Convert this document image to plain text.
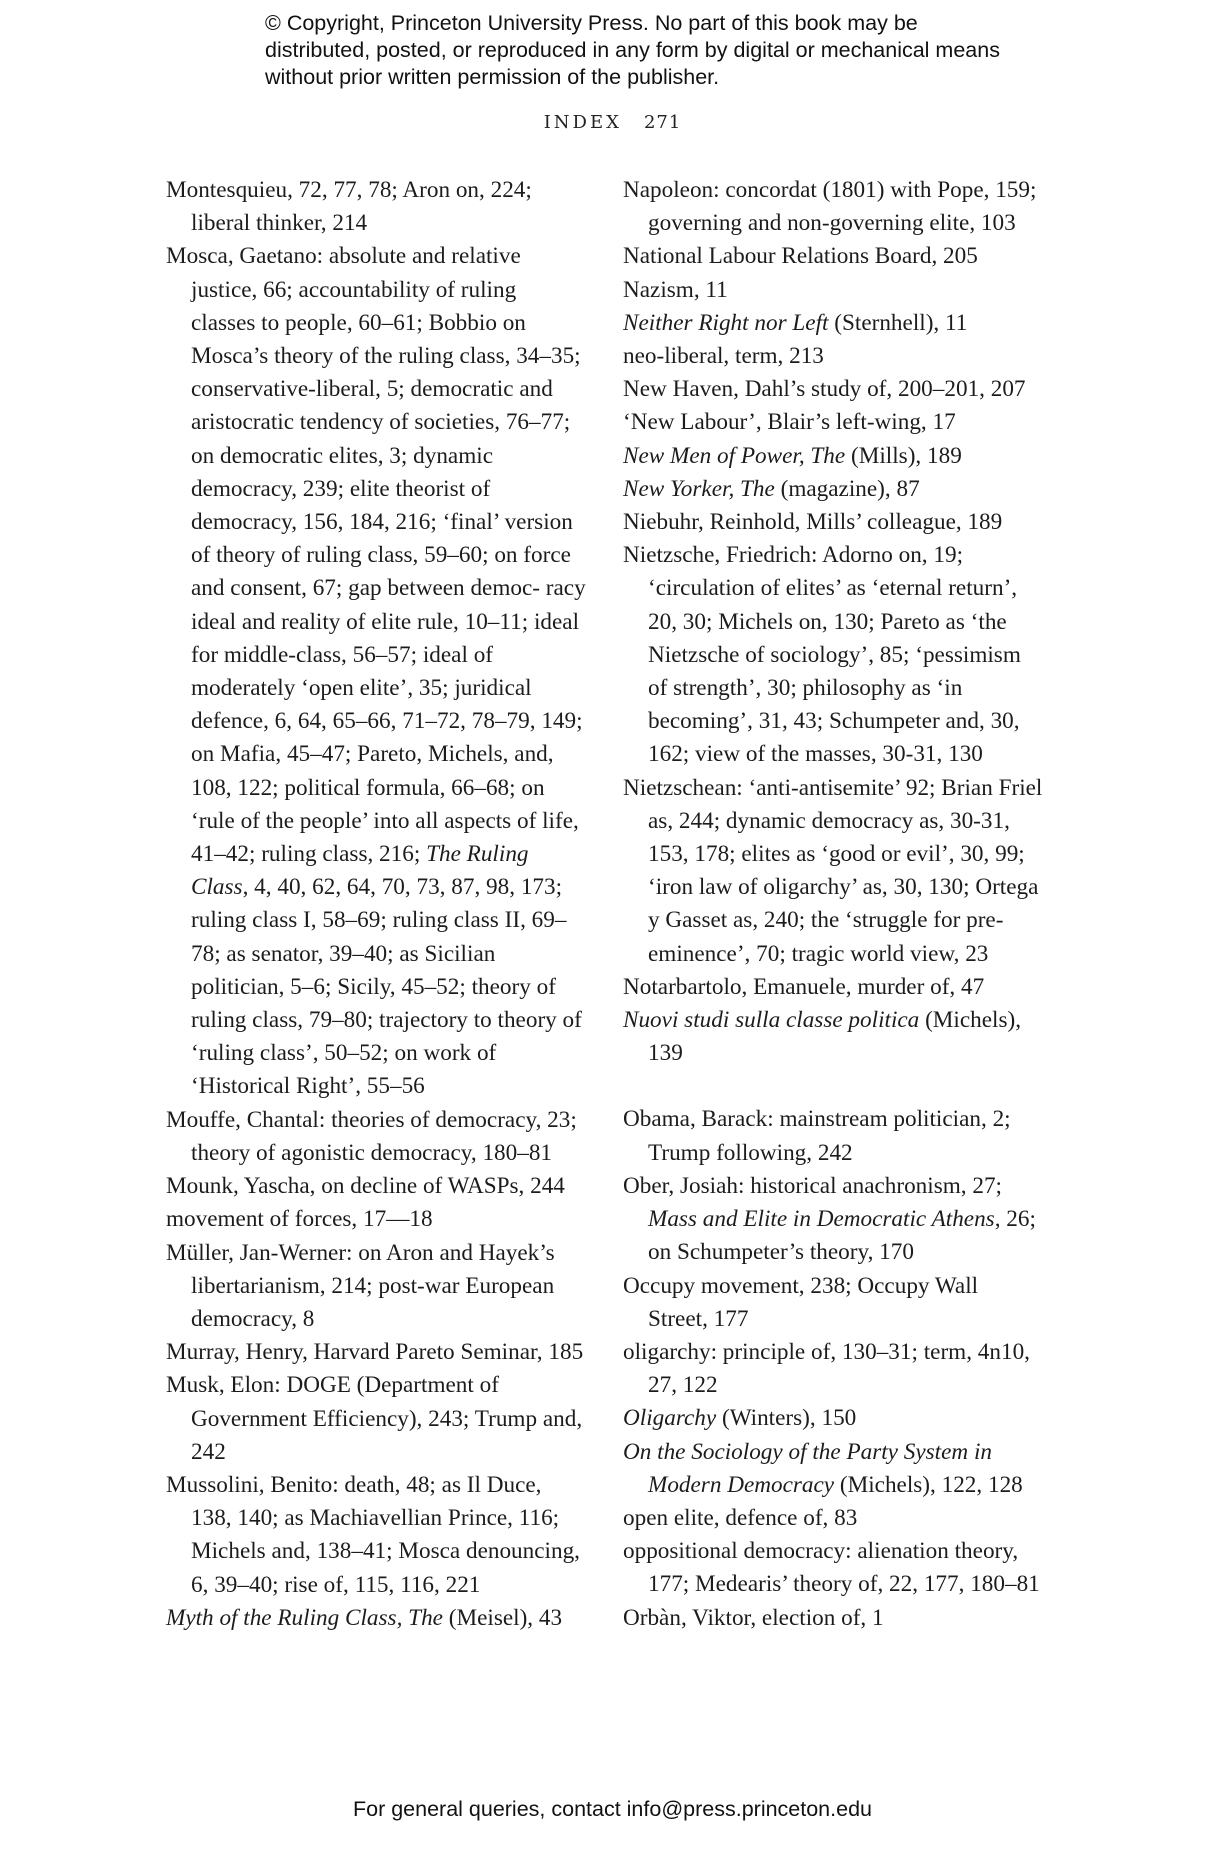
© Copyright, Princeton University Press. No part of this book may be distributed, posted, or reproduced in any form by digital or mechanical means without prior written permission of the publisher.
INDEX 271
Montesquieu, 72, 77, 78; Aron on, 224; liberal thinker, 214
Mosca, Gaetano: absolute and relative justice, 66; accountability of ruling classes to people, 60–61; Bobbio on Mosca’s theory of the ruling class, 34–35; conservative-liberal, 5; democratic and aristocratic tendency of societies, 76–77; on democratic elites, 3; dynamic democracy, 239; elite theorist of democracy, 156, 184, 216; ‘final’ version of theory of ruling class, 59–60; on force and consent, 67; gap between democ- racy ideal and reality of elite rule, 10–11; ideal for middle-class, 56–57; ideal of moderately ‘open elite’, 35; juridical defence, 6, 64, 65–66, 71–72, 78–79, 149; on Mafia, 45–47; Pareto, Michels, and, 108, 122; political formula, 66–68; on ‘rule of the people’ into all aspects of life, 41–42; ruling class, 216; The Ruling Class, 4, 40, 62, 64, 70, 73, 87, 98, 173; ruling class I, 58–69; ruling class II, 69–78; as senator, 39–40; as Sicilian politician, 5–6; Sicily, 45–52; theory of ruling class, 79–80; trajectory to theory of ‘ruling class’, 50–52; on work of ‘Historical Right’, 55–56
Mouffe, Chantal: theories of democracy, 23; theory of agonistic democracy, 180–81
Mounk, Yascha, on decline of WASPs, 244
movement of forces, 17—18
Müller, Jan-Werner: on Aron and Hayek’s libertarianism, 214; post-war European democracy, 8
Murray, Henry, Harvard Pareto Seminar, 185
Musk, Elon: DOGE (Department of Government Efficiency), 243; Trump and, 242
Mussolini, Benito: death, 48; as Il Duce, 138, 140; as Machiavellian Prince, 116; Michels and, 138–41; Mosca denouncing, 6, 39–40; rise of, 115, 116, 221
Myth of the Ruling Class, The (Meisel), 43
Napoleon: concordat (1801) with Pope, 159; governing and non-governing elite, 103
National Labour Relations Board, 205
Nazism, 11
Neither Right nor Left (Sternhell), 11
neo-liberal, term, 213
New Haven, Dahl’s study of, 200–201, 207
‘New Labour’, Blair’s left-wing, 17
New Men of Power, The (Mills), 189
New Yorker, The (magazine), 87
Niebuhr, Reinhold, Mills’ colleague, 189
Nietzsche, Friedrich: Adorno on, 19; ‘circulation of elites’ as ‘eternal return’, 20, 30; Michels on, 130; Pareto as ‘the Nietzsche of sociology’, 85; ‘pessimism of strength’, 30; philosophy as ‘in becoming’, 31, 43; Schumpeter and, 30, 162; view of the masses, 30-31, 130
Nietzschean: ‘anti-antisemite’ 92; Brian Friel as, 244; dynamic democracy as, 30-31, 153, 178; elites as ‘good or evil’, 30, 99; ‘iron law of oligarchy’ as, 30, 130; Ortega y Gasset as, 240; the ‘struggle for pre-eminence’, 70; tragic world view, 23
Notarbartolo, Emanuele, murder of, 47
Nuovi studi sulla classe politica (Michels), 139
Obama, Barack: mainstream politician, 2; Trump following, 242
Ober, Josiah: historical anachronism, 27; Mass and Elite in Democratic Athens, 26; on Schumpeter’s theory, 170
Occupy movement, 238; Occupy Wall Street, 177
oligarchy: principle of, 130–31; term, 4n10, 27, 122
Oligarchy (Winters), 150
On the Sociology of the Party System in Modern Democracy (Michels), 122, 128
open elite, defence of, 83
oppositional democracy: alienation theory, 177; Medearis’ theory of, 22, 177, 180–81
Orbàn, Viktor, election of, 1
For general queries, contact info@press.princeton.edu
